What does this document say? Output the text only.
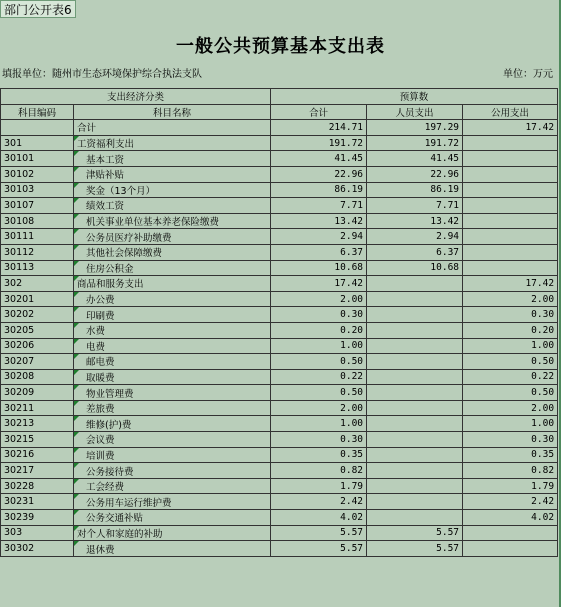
部门公开表6
一般公共预算基本支出表
填报单位：随州市生态环境保护综合执法支队	单位：万元
支出经济分类		预算数		
科目编码	科目名称	合计	人员支出	公用支出
	合计	214.71	197.29	17.42
301	工资福利支出	191.72	191.72	
30101	基本工资	41.45	41.45	
30102	津贴补贴	22.96	22.96	
30103	奖金（13个月）	86.19	86.19	
30107	绩效工资	7.71	7.71	
30108	机关事业单位基本养老保险缴费	13.42	13.42	
30111	公务员医疗补助缴费	2.94	2.94	
30112	其他社会保障缴费	6.37	6.37	
30113	住房公积金	10.68	10.68	
302	商品和服务支出	17.42		17.42
30201	办公费	2.00		2.00
30202	印刷费	0.30		0.30
30205	水费	0.20		0.20
30206	电费	1.00		1.00
30207	邮电费	0.50		0.50
30208	取暖费	0.22		0.22
30209	物业管理费	0.50		0.50
30211	差旅费	2.00		2.00
30213	维修(护)费	1.00		1.00
30215	会议费	0.30		0.30
30216	培训费	0.35		0.35
30217	公务接待费	0.82		0.82
30228	工会经费	1.79		1.79
30231	公务用车运行维护费	2.42		2.42
30239	公务交通补贴	4.02		4.02
303	对个人和家庭的补助	5.57	5.57	
30302	退休费	5.57	5.57	
